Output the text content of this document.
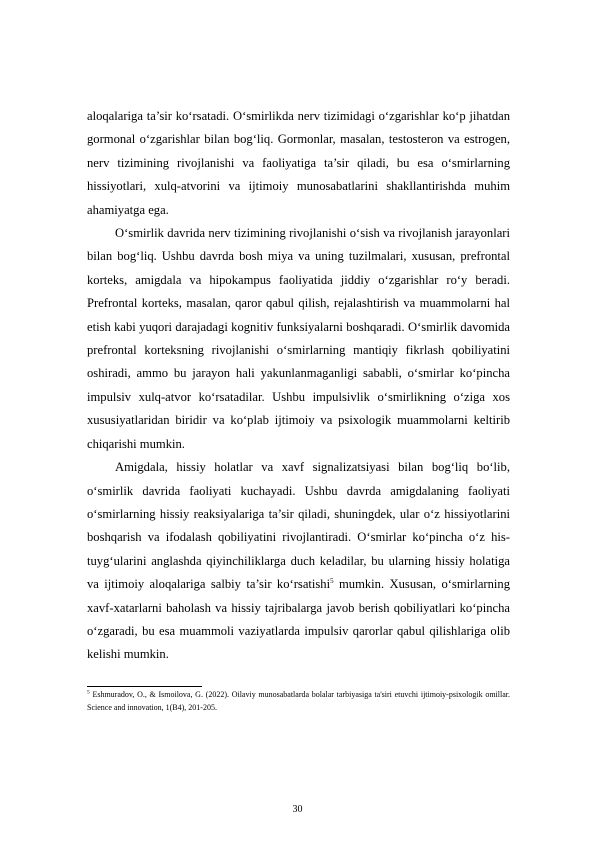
aloqalariga ta’sir ko‘rsatadi. O‘smirlikda nerv tizimidagi o‘zgarishlar ko‘p jihatdan gormonal o‘zgarishlar bilan bog‘liq. Gormonlar, masalan, testosteron va estrogen, nerv tizimining rivojlanishi va faoliyatiga ta’sir qiladi, bu esa o‘smirlarning hissiyotlari, xulq-atvorini va ijtimoiy munosabatlarini shakllantirishda muhim ahamiyatga ega.

O‘smirlik davrida nerv tizimining rivojlanishi o‘sish va rivojlanish jarayonlari bilan bog‘liq. Ushbu davrda bosh miya va uning tuzilmalari, xususan, prefrontal korteks, amigdala va hipokampus faoliyatida jiddiy o‘zgarishlar ro‘y beradi. Prefrontal korteks, masalan, qaror qabul qilish, rejalashtirish va muammolarni hal etish kabi yuqori darajadagi kognitiv funksiyalarni boshqaradi. O‘smirlik davomida prefrontal korteksning rivojlanishi o‘smirlarning mantiqiy fikrlash qobiliyatini oshiradi, ammo bu jarayon hali yakunlanmaganligi sababli, o‘smirlar ko‘pincha impulsiv xulq-atvor ko‘rsatadilar. Ushbu impulsivlik o‘smirlikning o‘ziga xos xususiyatlaridan biridir va ko‘plab ijtimoiy va psixologik muammolarni keltirib chiqarishi mumkin.

Amigdala, hissiy holatlar va xavf signalizatsiyasi bilan bog‘liq bo‘lib, o‘smirlik davrida faoliyati kuchayadi. Ushbu davrda amigdalaning faoliyati o‘smirlarning hissiy reaksiyalariga ta’sir qiladi, shuningdek, ular o‘z hissiyotlarini boshqarish va ifodalash qobiliyatini rivojlantiradi. O‘smirlar ko‘pincha o‘z his-tuyg‘ularini anglashda qiyinchiliklarga duch keladilar, bu ularning hissiy holatiga va ijtimoiy aloqalariga salbiy ta’sir ko‘rsatishi$^5$ mumkin. Xususan, o‘smirlarning xavf-xatarlarni baholash va hissiy tajribalarga javob berish qobiliyatlari ko‘pincha o‘zgaradi, bu esa muammoli vaziyatlarda impulsiv qarorlar qabul qilishlariga olib kelishi mumkin.

$^5$ Eshmuradov, O., & Ismoilova, G. (2022). Oilaviy munosabatlarda bolalar tarbiyasiga ta'siri etuvchi ijtimoiy-psixologik omillar. Science and innovation, 1(B4), 201-205.

30
